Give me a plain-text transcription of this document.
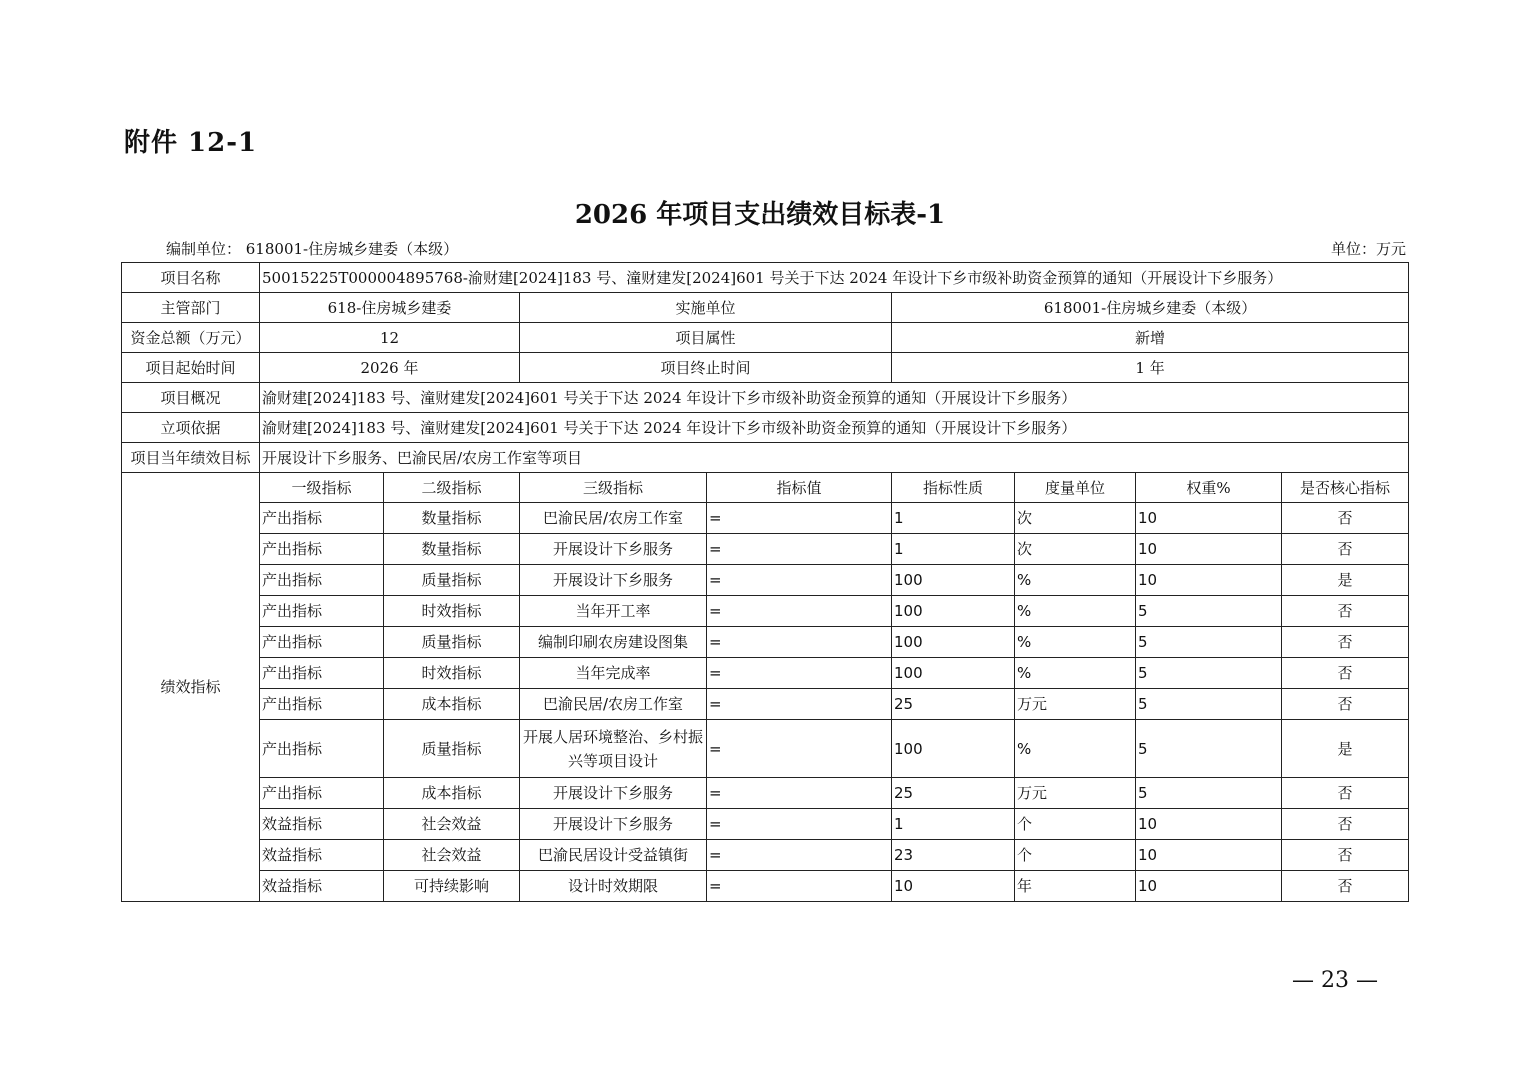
附件 12-1
2026 年项目支出绩效目标表-1
编制单位： 618001-住房城乡建委（本级）	单位：万元
项目名称	50015225T000004895768-渝财建[2024]183 号、潼财建发[2024]601 号关于下达 2024 年设计下乡市级补助资金预算的通知（开展设计下乡服务）							
主管部门	618-住房城乡建委		实施单位		618001-住房城乡建委（本级）			
资金总额（万元）	12		项目属性		新增			
项目起始时间	2026 年		项目终止时间		1 年			
项目概况	渝财建[2024]183 号、潼财建发[2024]601 号关于下达 2024 年设计下乡市级补助资金预算的通知（开展设计下乡服务）							
立项依据	渝财建[2024]183 号、潼财建发[2024]601 号关于下达 2024 年设计下乡市级补助资金预算的通知（开展设计下乡服务）							
项目当年绩效目标	开展设计下乡服务、巴渝民居/农房工作室等项目							
绩效指标	一级指标	二级指标	三级指标	指标值	指标性质	度量单位	权重%	是否核心指标
	产出指标	数量指标	巴渝民居/农房工作室	=	1	次	10	否
	产出指标	数量指标	开展设计下乡服务	=	1	次	10	否
	产出指标	质量指标	开展设计下乡服务	=	100	%	10	是
	产出指标	时效指标	当年开工率	=	100	%	5	否
	产出指标	质量指标	编制印刷农房建设图集	=	100	%	5	否
	产出指标	时效指标	当年完成率	=	100	%	5	否
	产出指标	成本指标	巴渝民居/农房工作室	=	25	万元	5	否
	产出指标	质量指标	开展人居环境整治、乡村振兴等项目设计	=	100	%	5	是
	产出指标	成本指标	开展设计下乡服务	=	25	万元	5	否
	效益指标	社会效益	开展设计下乡服务	=	1	个	10	否
	效益指标	社会效益	巴渝民居设计受益镇街	=	23	个	10	否
	效益指标	可持续影响	设计时效期限	=	10	年	10	否
— 23 —
